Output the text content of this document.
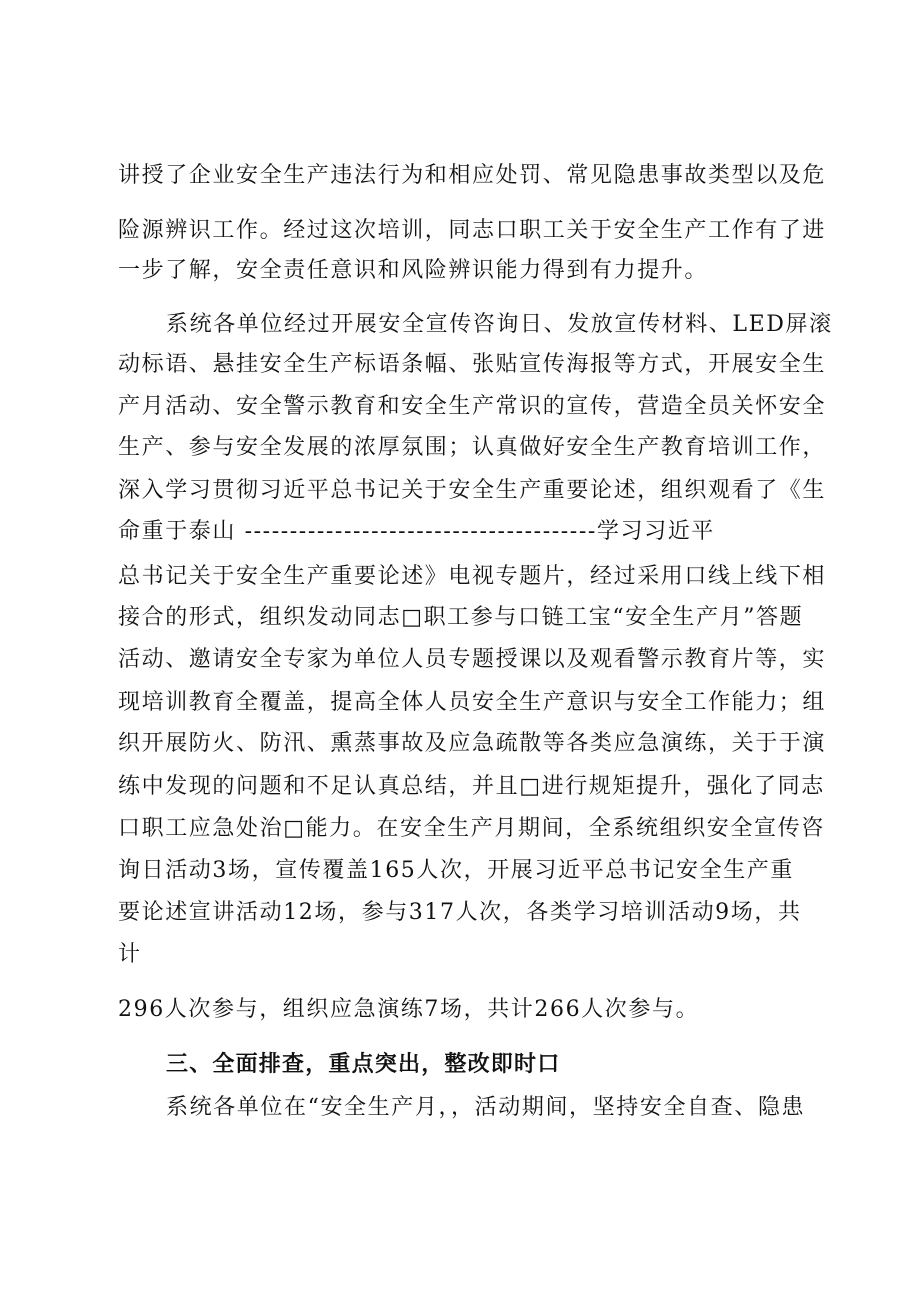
讲授了企业安全生产违法行为和相应处罚、常见隐患事故类型以及危
险源辨识工作。经过这次培训，同志口职工关于安全生产工作有了进
一步了解，安全责任意识和风险辨识能力得到有力提升。
系统各单位经过开展安全宣传咨询日、发放宣传材料、LED屏滚
动标语、悬挂安全生产标语条幅、张贴宣传海报等方式，开展安全生
产月活动、安全警示教育和安全生产常识的宣传，营造全员关怀安全
生产、参与安全发展的浓厚氛围；认真做好安全生产教育培训工作，
深入学习贯彻习近平总书记关于安全生产重要论述，组织观看了《生
命重于泰山 ---------------------------------------学习习近平
总书记关于安全生产重要论述》电视专题片，经过采用口线上线下相
接合的形式，组织发动同志□职工参与口链工宝“安全生产月”答题
活动、邀请安全专家为单位人员专题授课以及观看警示教育片等，实
现培训教育全覆盖，提高全体人员安全生产意识与安全工作能力；组
织开展防火、防汛、熏蒸事故及应急疏散等各类应急演练，关于于演
练中发现的问题和不足认真总结，并且□进行规矩提升，强化了同志
口职工应急处治□能力。在安全生产月期间，全系统组织安全宣传咨
询日活动3场，宣传覆盖165人次，开展习近平总书记安全生产重
要论述宣讲活动12场，参与317人次，各类学习培训活动9场，共
计
296人次参与，组织应急演练7场，共计266人次参与。
三、全面排查，重点突出，整改即时口
系统各单位在“安全生产月，，活动期间，坚持安全自查、隐患
